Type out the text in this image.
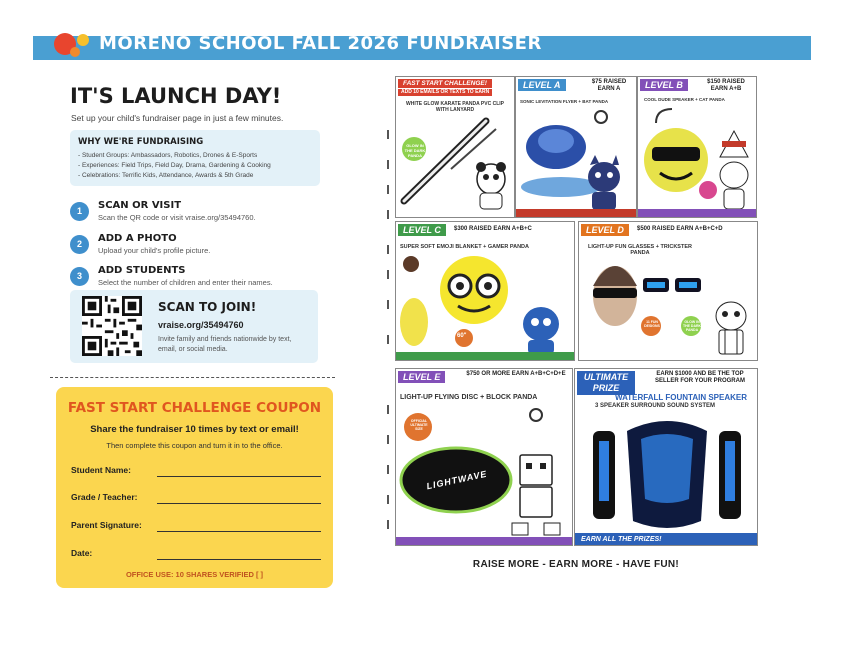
MORENO SCHOOL FALL 2026 FUNDRAISER
IT'S LAUNCH DAY!
Set up your child's fundraiser page in just a few minutes.
WHY WE'RE FUNDRAISING
- Student Groups: Ambassadors, Robotics, Drones & E-Sports
- Experiences: Field Trips, Field Day, Drama, Gardening & Cooking
- Celebrations: Terrific Kids, Attendance, Awards & 5th Grade
1	SCAN OR VISIT
Scan the QR code or visit vraise.org/35494760.
2	ADD A PHOTO
Upload your child's profile picture.
3	ADD STUDENTS
Select the number of children and enter their names.
SCAN TO JOIN!
vraise.org/35494760
Invite family and friends nationwide by text, email, or social media.
FAST START CHALLENGE COUPON
Share the fundraiser 10 times by text or email!
Then complete this coupon and turn it in to the office.
Student Name:
Grade / Teacher:
Parent Signature:
Date:
OFFICE USE: 10 SHARES VERIFIED [ ]
FAST START CHALLENGE!
ADD 10 EMAILS OR TEXTS TO EARN
WHITE GLOW KARATE PANDA PVC CLIP WITH LANYARD
GLOW IN THE DARK PANDA
LEVEL A	$75 RAISED EARN A
SONIC LEVITATION FLYER + BAT PANDA
LEVEL B	$150 RAISED EARN A+B
COOL DUDE SPEAKER + CAT PANDA
LEVEL C	$300 RAISED EARN A+B+C
SUPER SOFT EMOJI BLANKET + GAMER PANDA
60"
LEVEL D	$500 RAISED EARN A+B+C+D
LIGHT-UP FUN GLASSES + TRICKSTER PANDA
11 FUN DESIGNS
GLOW IN THE DARK PANDA
LEVEL E	$750 OR MORE EARN A+B+C+D+E
LIGHT-UP FLYING DISC + BLOCK PANDA
OFFICIAL ULTIMATE SIZE
LIGHTWAVE
ULTIMATE PRIZE
EARN $1000 AND BE THE TOP SELLER FOR YOUR PROGRAM
WATERFALL FOUNTAIN SPEAKER
3 SPEAKER SURROUND SOUND SYSTEM
EARN ALL THE PRIZES!
RAISE MORE - EARN MORE - HAVE FUN!
